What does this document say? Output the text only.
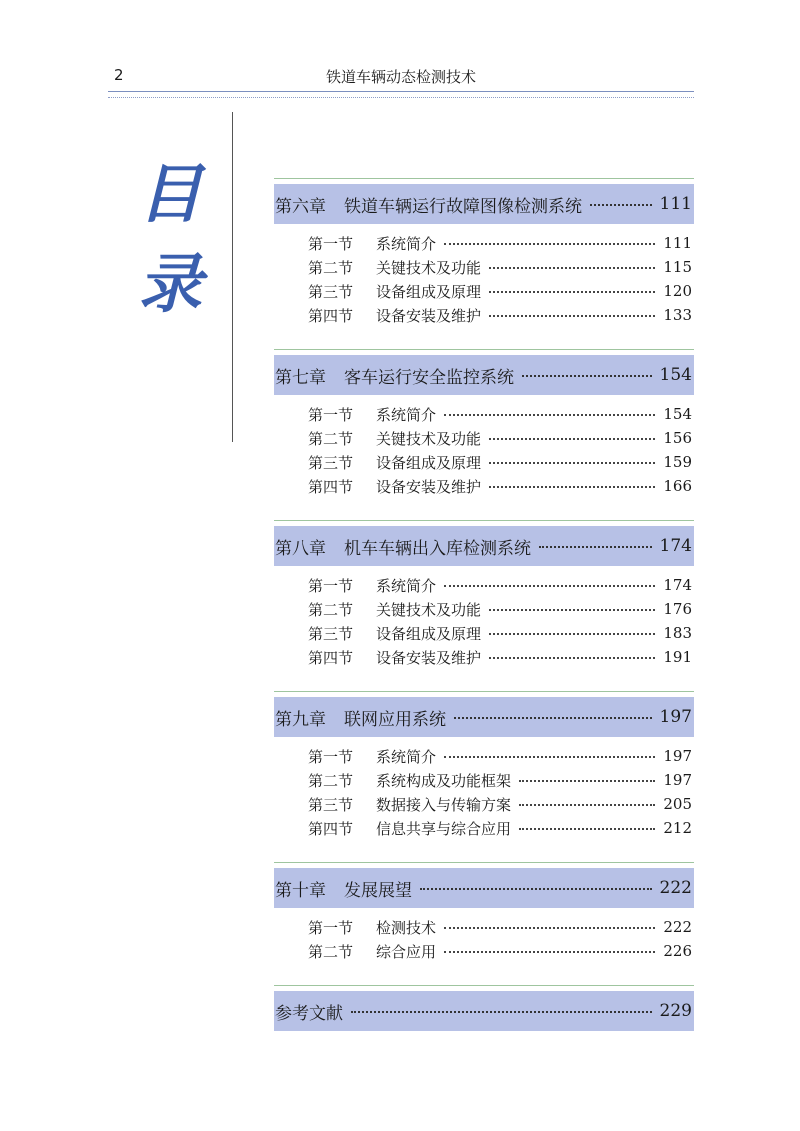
2	铁道车辆动态检测技术
目
录
第六章 铁道车辆运行故障图像检测系统	111
第一节	系统简介	111
第二节	关键技术及功能	115
第三节	设备组成及原理	120
第四节	设备安装及维护	133
第七章 客车运行安全监控系统	154
第一节	系统简介	154
第二节	关键技术及功能	156
第三节	设备组成及原理	159
第四节	设备安装及维护	166
第八章 机车车辆出入库检测系统	174
第一节	系统简介	174
第二节	关键技术及功能	176
第三节	设备组成及原理	183
第四节	设备安装及维护	191
第九章 联网应用系统	197
第一节	系统简介	197
第二节	系统构成及功能框架	197
第三节	数据接入与传输方案	205
第四节	信息共享与综合应用	212
第十章 发展展望	222
第一节	检测技术	222
第二节	综合应用	226
参考文献	229
